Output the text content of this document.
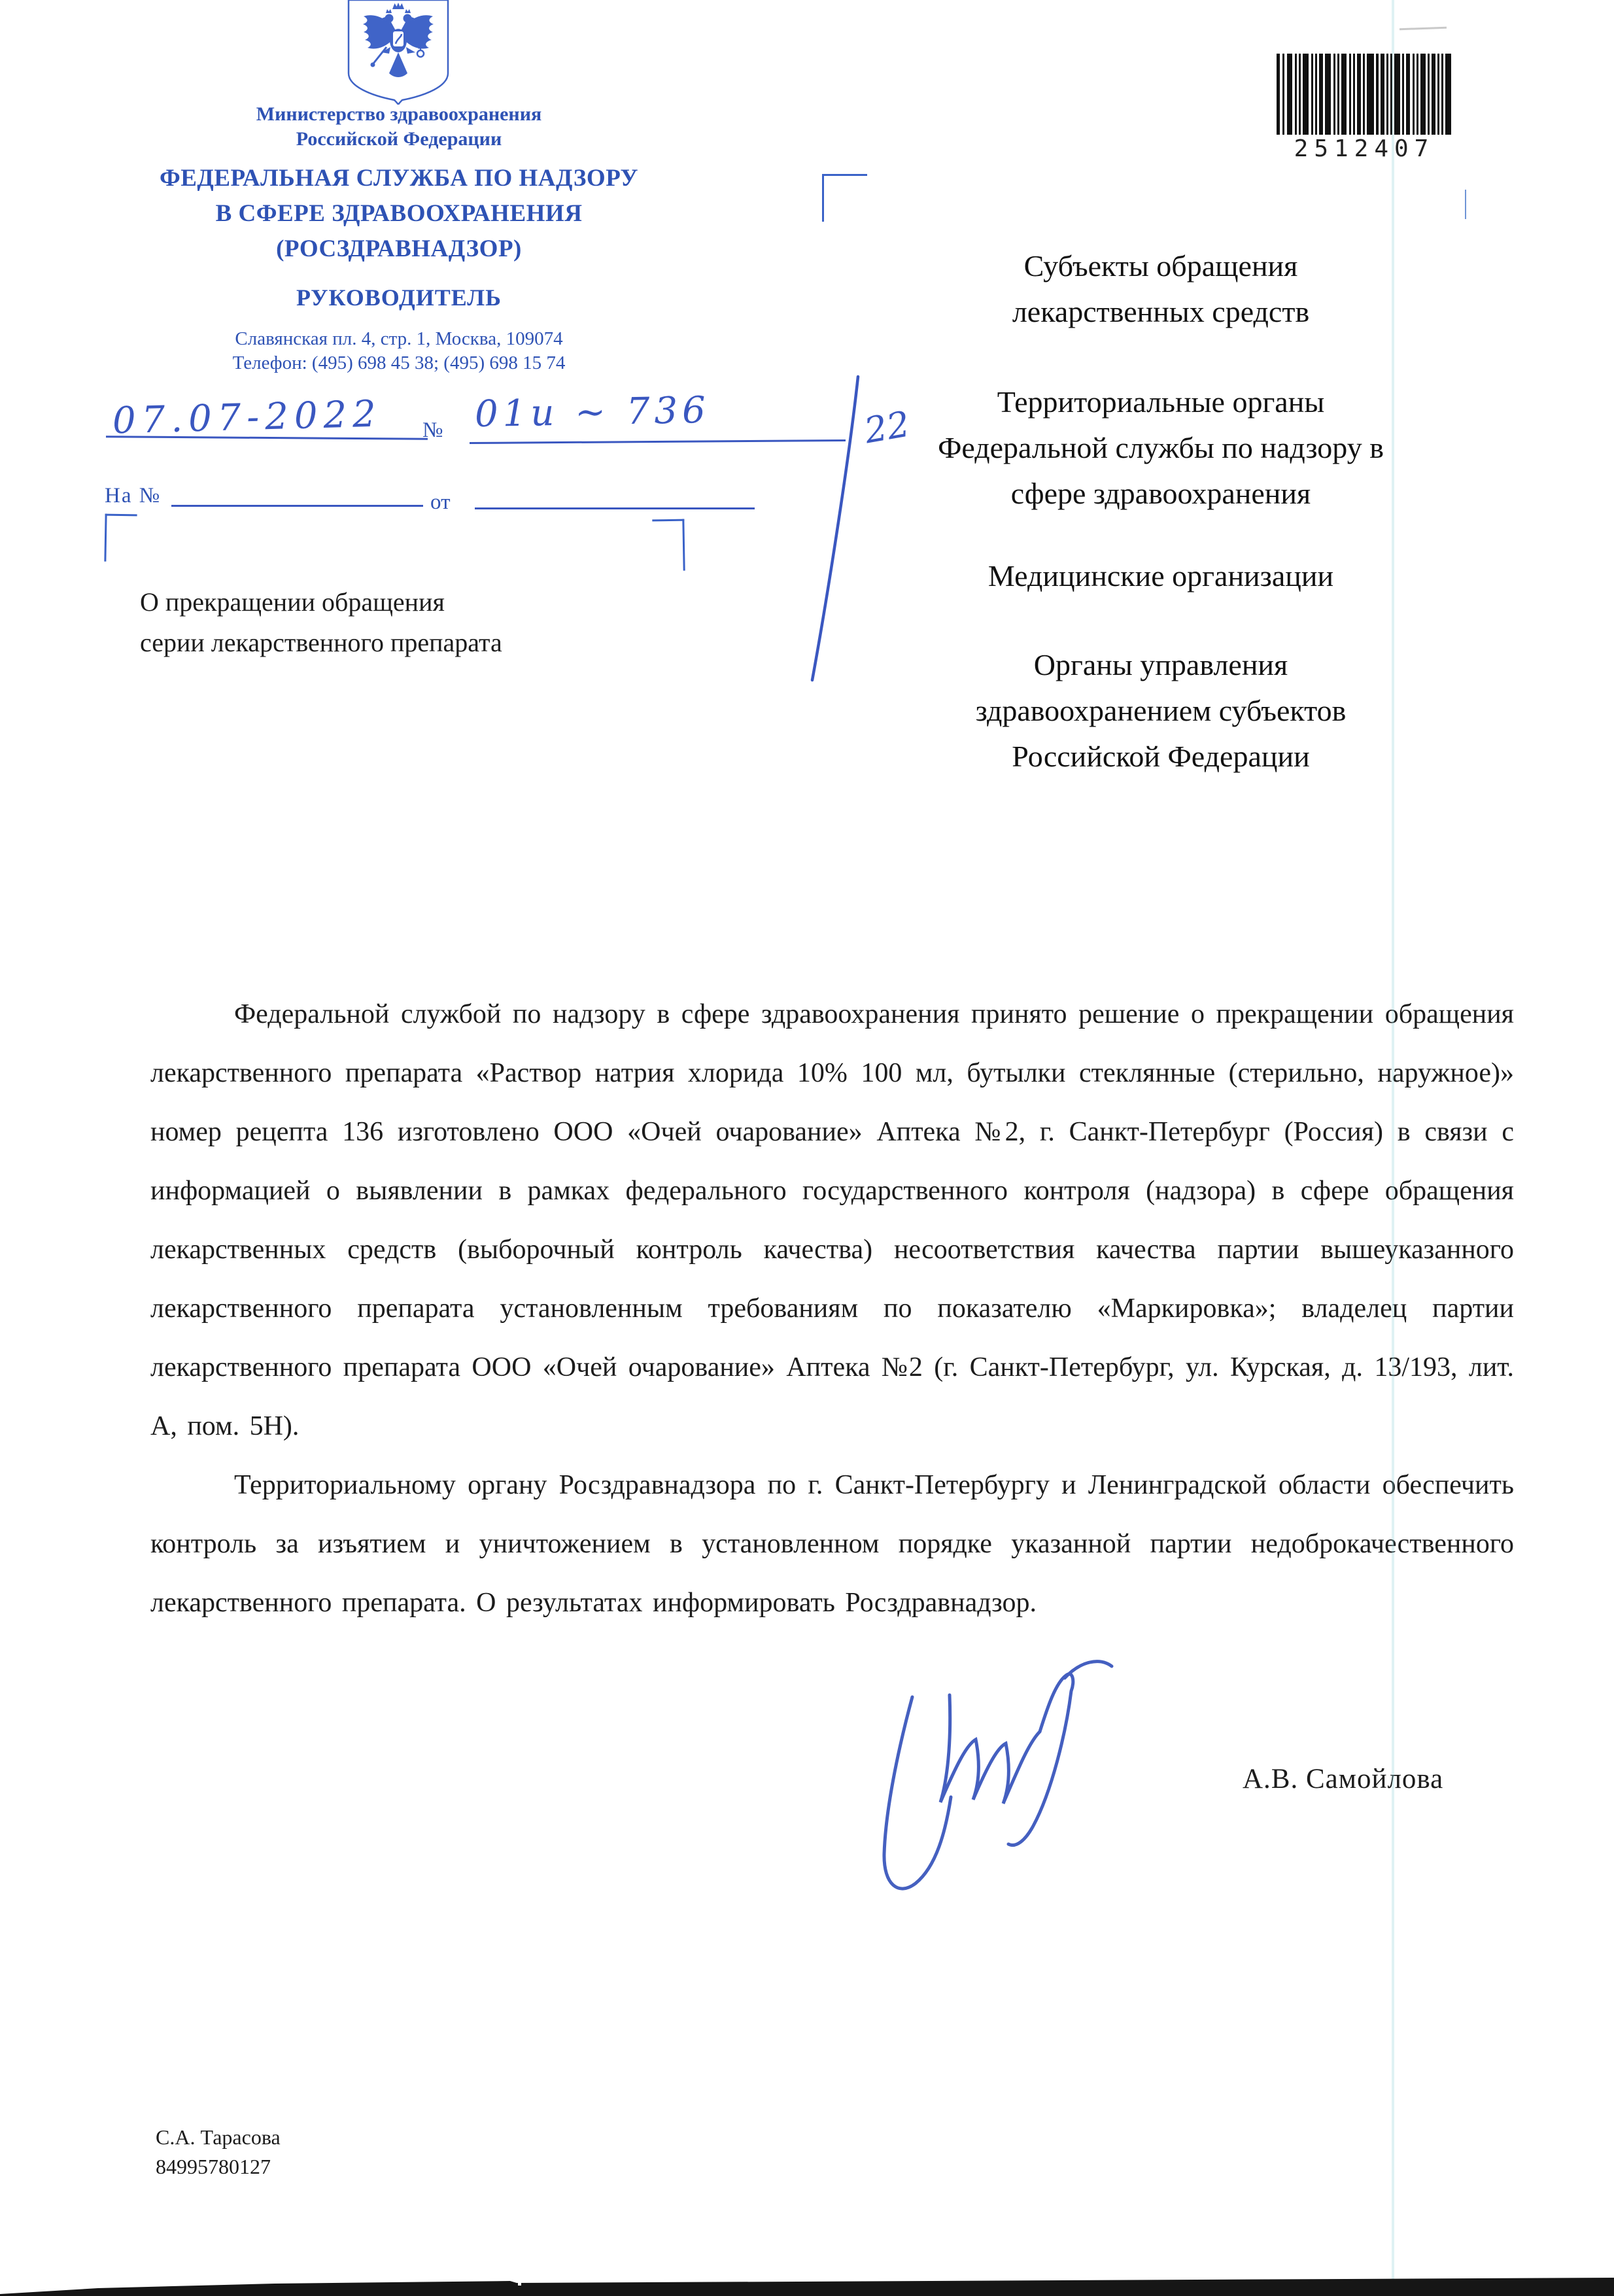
Министерство здравоохранения
Российской Федерации
ФЕДЕРАЛЬНАЯ СЛУЖБА ПО НАДЗОРУ
В СФЕРЕ ЗДРАВООХРАНЕНИЯ
(РОСЗДРАВНАДЗОР)
РУКОВОДИТЕЛЬ
Славянская пл. 4, стр. 1, Москва, 109074
Телефон: (495) 698 45 38; (495) 698 15 74
07.07-2022 № 01и ~ 736	22
На №	от
О прекращении обращения
серии лекарственного препарата
Субъекты обращения
лекарственных средств
Территориальные органы
Федеральной службы по надзору в
сфере здравоохранения
Медицинские организации
Органы управления
здравоохранением субъектов
Российской Федерации
2512407

Федеральной службой по надзору в сфере здравоохранения принято решение о прекращении обращения лекарственного препарата «Раствор натрия хлорида 10% 100 мл, бутылки стеклянные (стерильно, наружное)» номер рецепта 136 изготовлено ООО «Очей очарование» Аптека №2, г. Санкт-Петербург (Россия) в связи с информацией о выявлении в рамках федерального государственного контроля (надзора) в сфере обращения лекарственных средств (выборочный контроль качества) несоответствия качества партии вышеуказанного лекарственного препарата установленным требованиям по показателю «Маркировка»; владелец партии лекарственного препарата ООО «Очей очарование» Аптека №2 (г. Санкт-Петербург, ул. Курская, д. 13/193, лит. А, пом. 5Н).

Территориальному органу Росздравнадзора по г. Санкт-Петербургу и Ленинградской области обеспечить контроль за изъятием и уничтожением в установленном порядке указанной партии недоброкачественного лекарственного препарата. О результатах информировать Росздравнадзор.

А.В. Самойлова
С.А. Тарасова
84995780127
